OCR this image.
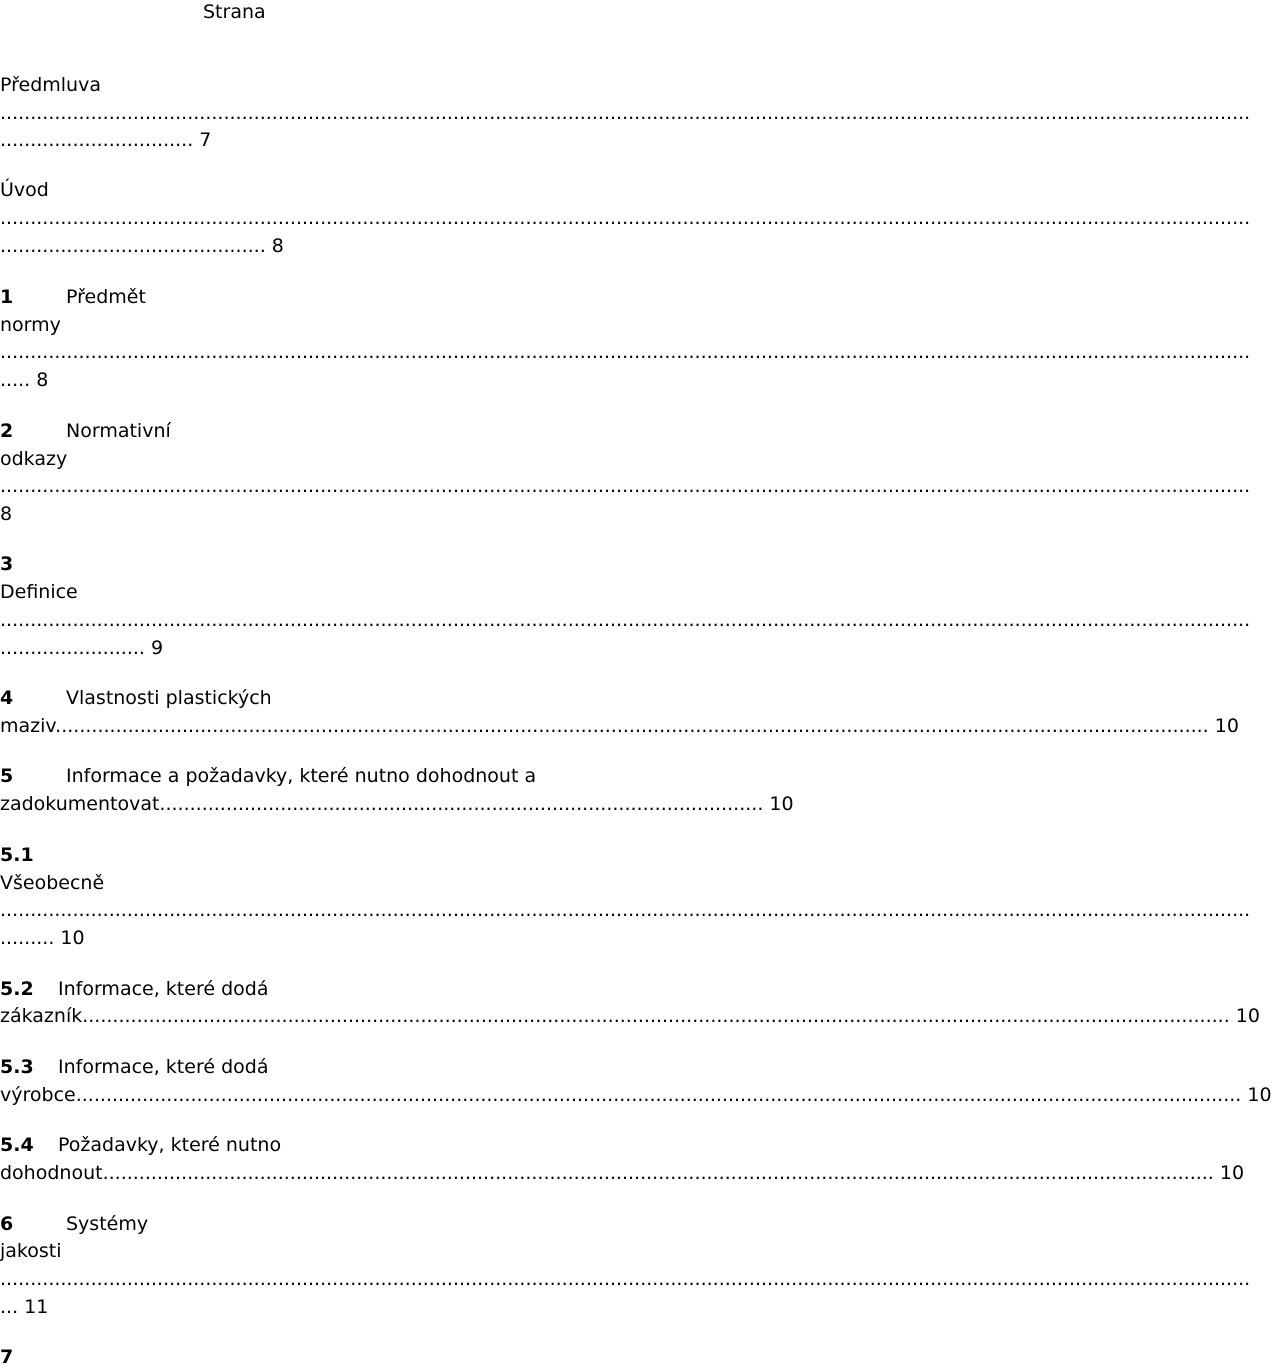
Strana
Předmluva
...............................................................................................................................................................................................................
................................ 7
Úvod
...............................................................................................................................................................................................................
............................................ 8
1	Předmět
normy
...............................................................................................................................................................................................................
..... 8
2	Normativní
odkazy
...............................................................................................................................................................................................................
8
3
Definice
...............................................................................................................................................................................................................
........................ 9
4	Vlastnosti plastických
maziv............................................................................................................................................................................................... 10
5	Informace a požadavky, které nutno dohodnout a
zadokumentovat.................................................................................................... 10
5.1
Všeobecně
...............................................................................................................................................................................................................
......... 10
5.2 Informace, které dodá
zákazník.............................................................................................................................................................................................. 10
5.3 Informace, které dodá
výrobce................................................................................................................................................................................................. 10
5.4 Požadavky, které nutno
dohodnout........................................................................................................................................................................................ 10
6	Systémy
jakosti
...............................................................................................................................................................................................................
... 11
7
